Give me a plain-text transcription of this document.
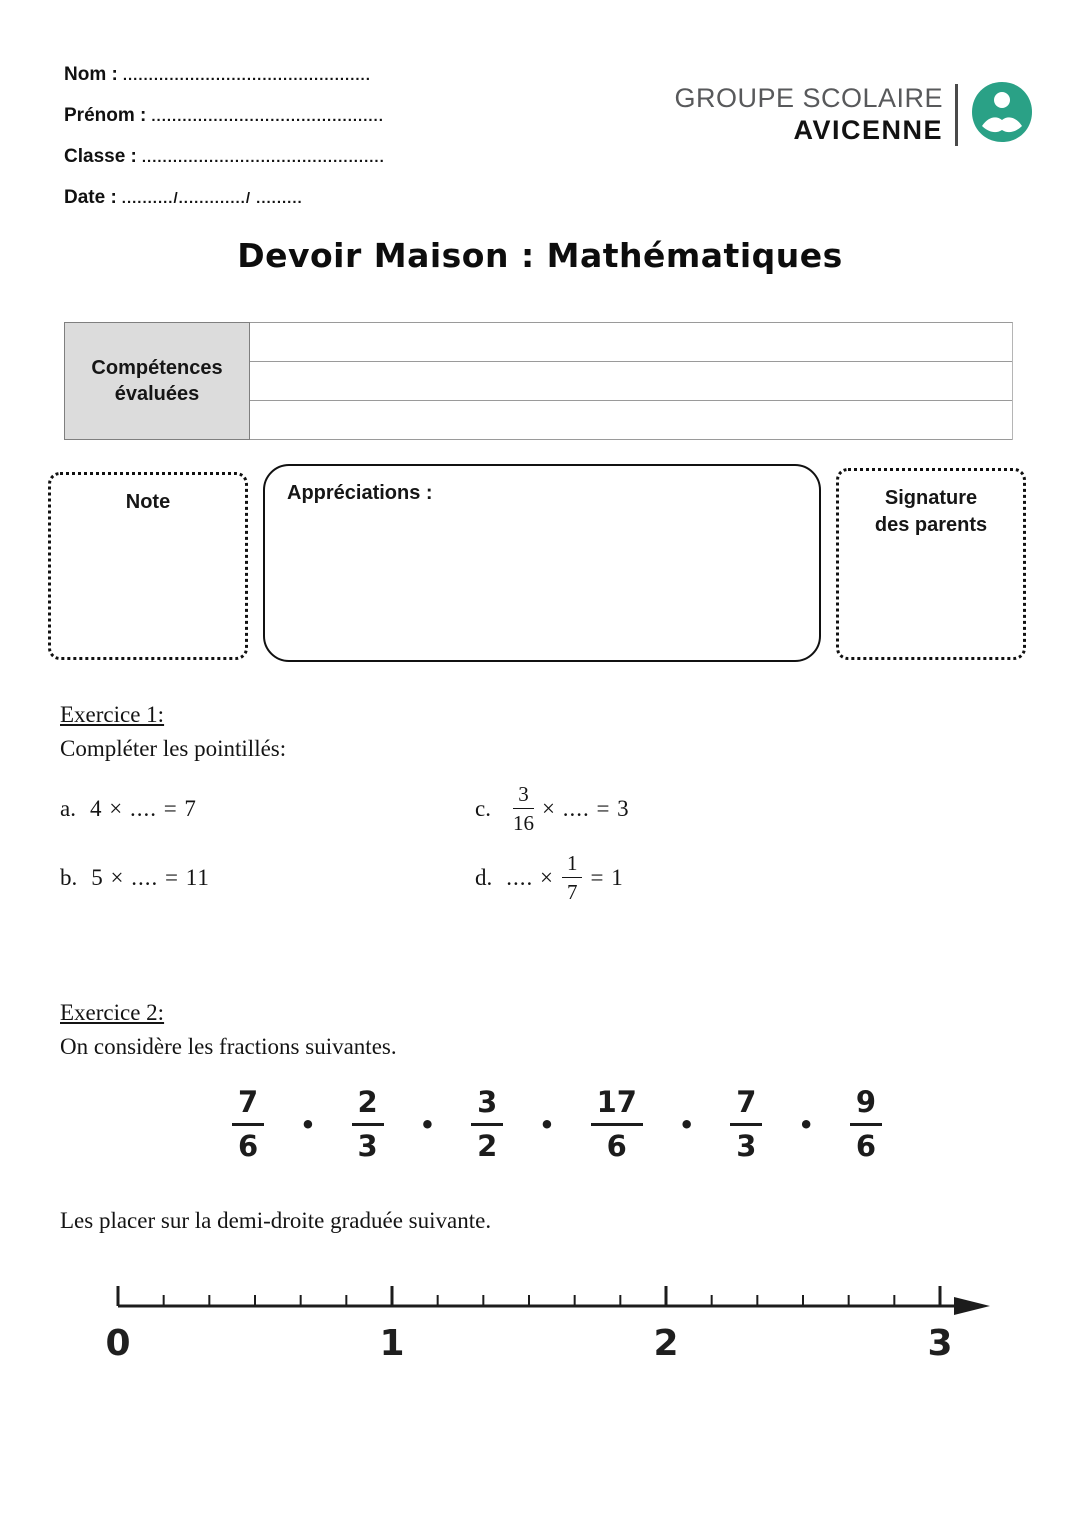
Nom : ................................................
Prénom : .............................................
Classe : ...............................................
Date : ........../............./ .........
GROUPE SCOLAIRE
AVICENNE
Devoir Maison : Mathématiques
Compétences
évaluées
Note	Appréciations :	Signature des parents
Exercice 1:
Compléter les pointillés:
a. 4 × .... = 7	c. $\frac{3}{16}$ × .... = 3
b. 5 × .... = 11	d. .... × $\frac{1}{7} = 1$
Exercice 2:
On considère les fractions suivantes.
$\frac{7}{6}$ • $\frac{2}{3}$ • $\frac{3}{2}$ • $\frac{17}{6}$ • $\frac{7}{3}$ • $\frac{9}{6}$
Les placer sur la demi-droite graduée suivante.
0	1	2	3
